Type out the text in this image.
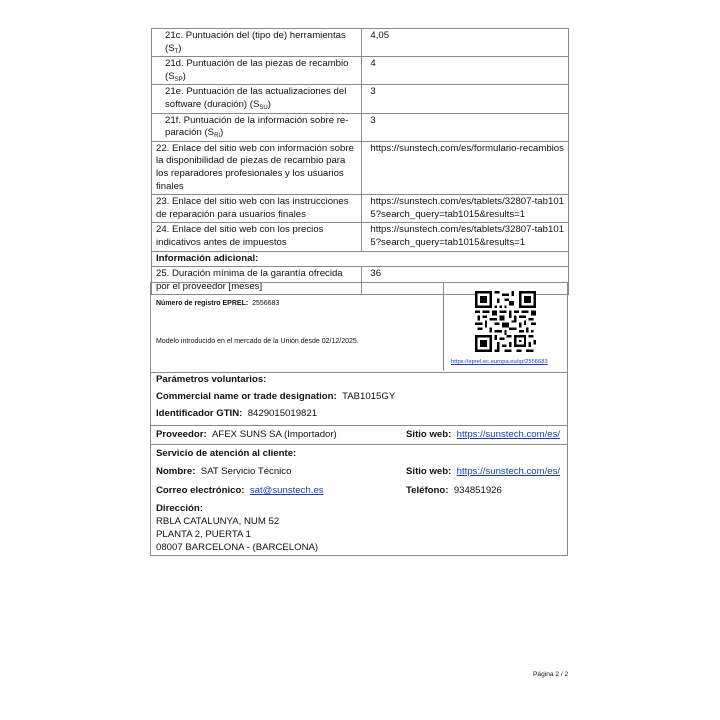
21c. Puntuación del (tipo de) herramientas $(S_T)$	4,05
21d. Puntuación de las piezas de recambio $(S_{SP})$	4
21e. Puntuación de las actualizaciones del software (duración) $(S_{SU})$	3
21f. Puntuación de la información sobre re-paración $(S_{RI})$	3
22. Enlace del sitio web con información sobre la disponibilidad de piezas de recambio para los reparadores profesionales y los usuarios finales	https://sunstech.com/es/formulario-recambios
23. Enlace del sitio web con las instrucciones de reparación para usuarios finales	https://sunstech.com/es/tablets/32807-tab101
5?search_query=tab1015&results=1
24. Enlace del sitio web con los precios indicativos antes de impuestos	https://sunstech.com/es/tablets/32807-tab101
5?search_query=tab1015&results=1
Información adicional:	
25. Duración mínima de la garantía ofrecida por el proveedor [meses]	36
Número de registro EPREL: 2556683
Modelo introducido en el mercado de la Unión desde 02/12/2025.
https://eprel.ec.europa.eu/qr/2556683
Parámetros voluntarios:
Commercial name or trade designation: TAB1015GY
Identificador GTIN: 8429015019821
Proveedor: AFEX SUNS SA (Importador)	Sitio web: https://sunstech.com/es/
Servicio de atención al cliente:
Nombre: SAT Servicio Técnico	Sitio web: https://sunstech.com/es/
Correo electrónico: sat@sunstech.es	Teléfono: 934851926
Dirección:
RBLA CATALUNYA, NUM 52
PLANTA 2, PUERTA 1
08007 BARCELONA - (BARCELONA)
Página 2 / 2
